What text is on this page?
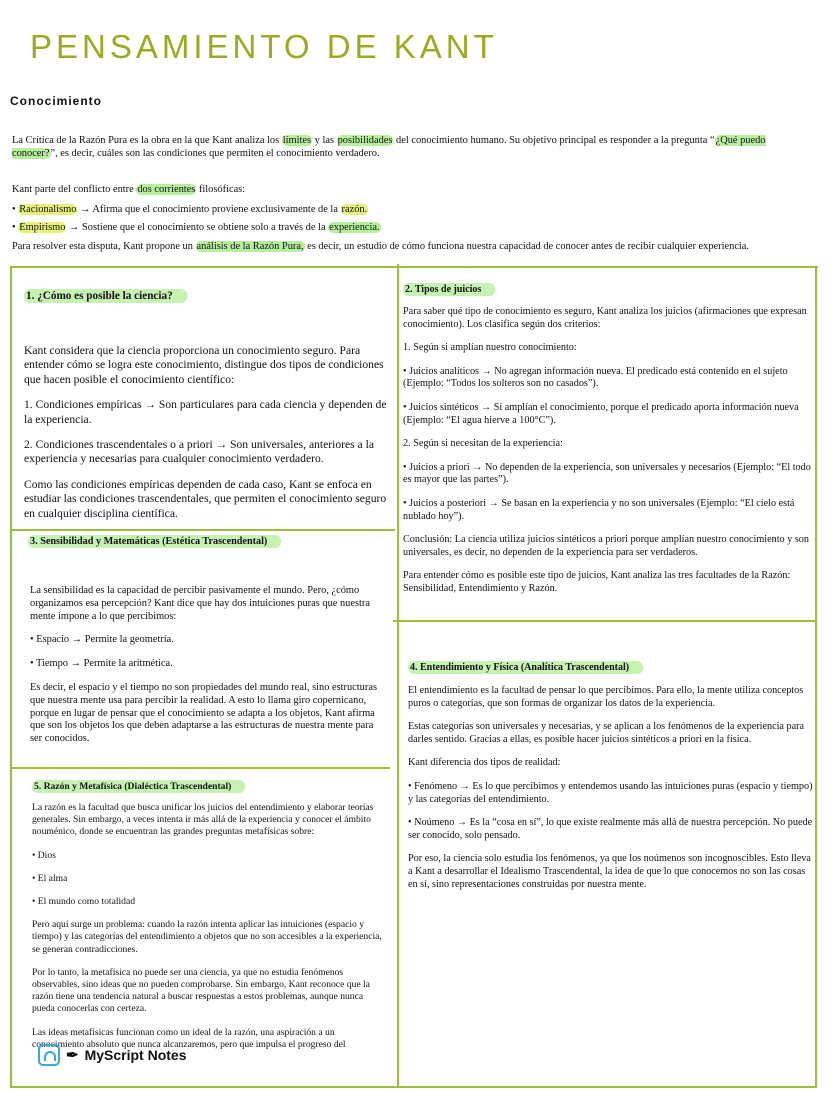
PENSAMIENTO DE KANT
Conocimiento
La Crítica de la Razón Pura es la obra en la que Kant analiza los límites y las posibilidades del conocimiento humano. Su objetivo principal es responder a la pregunta “¿Qué puedo conocer?”, es decir, cuáles son las condiciones que permiten el conocimiento verdadero.
Kant parte del conflicto entre dos corrientes filosóficas:
• Racionalismo → Afirma que el conocimiento proviene exclusivamente de la razón.
• Empirismo → Sostiene que el conocimiento se obtiene solo a través de la experiencia.
Para resolver esta disputa, Kant propone un análisis de la Razón Pura, es decir, un estudio de cómo funciona nuestra capacidad de conocer antes de recibir cualquier experiencia.
1. ¿Cómo es posible la ciencia?

Kant considera que la ciencia proporciona un conocimiento seguro. Para entender cómo se logra este conocimiento, distingue dos tipos de condiciones que hacen posible el conocimiento científico:

1. Condiciones empíricas → Son particulares para cada ciencia y dependen de la experiencia.

2. Condiciones trascendentales o a priori → Son universales, anteriores a la experiencia y necesarias para cualquier conocimiento verdadero.

Como las condiciones empíricas dependen de cada caso, Kant se enfoca en estudiar las condiciones trascendentales, que permiten el conocimiento seguro en cualquier disciplina científica.

2. Tipos de juicios

Para saber qué tipo de conocimiento es seguro, Kant analiza los juicios (afirmaciones que expresan conocimiento). Los clasifica según dos criterios:

1. Según si amplían nuestro conocimiento:

• Juicios analíticos → No agregan información nueva. El predicado está contenido en el sujeto (Ejemplo: “Todos los solteros son no casados”).

• Juicios sintéticos → Sí amplían el conocimiento, porque el predicado aporta información nueva (Ejemplo: “El agua hierve a 100°C”).

2. Según si necesitan de la experiencia:

• Juicios a priori → No dependen de la experiencia, son universales y necesarios (Ejemplo: “El todo es mayor que las partes”).

• Juicios a posteriori → Se basan en la experiencia y no son universales (Ejemplo: “El cielo está nublado hoy”).

Conclusión: La ciencia utiliza juicios sintéticos a priori porque amplían nuestro conocimiento y son universales, es decir, no dependen de la experiencia para ser verdaderos.

Para entender cómo es posible este tipo de juicios, Kant analiza las tres facultades de la Razón: Sensibilidad, Entendimiento y Razón.

3. Sensibilidad y Matemáticas (Estética Trascendental)

La sensibilidad es la capacidad de percibir pasivamente el mundo. Pero, ¿cómo organizamos esa percepción? Kant dice que hay dos intuiciones puras que nuestra mente impone a lo que percibimos:

• Espacio → Permite la geometría.

• Tiempo → Permite la aritmética.

Es decir, el espacio y el tiempo no son propiedades del mundo real, sino estructuras que nuestra mente usa para percibir la realidad. A esto lo llama giro copernicano, porque en lugar de pensar que el conocimiento se adapta a los objetos, Kant afirma que son los objetos los que deben adaptarse a las estructuras de nuestra mente para ser conocidos.

4. Entendimiento y Física (Analítica Trascendental)

El entendimiento es la facultad de pensar lo que percibimos. Para ello, la mente utiliza conceptos puros o categorías, que son formas de organizar los datos de la experiencia.

Estas categorías son universales y necesarias, y se aplican a los fenómenos de la experiencia para darles sentido. Gracias a ellas, es posible hacer juicios sintéticos a priori en la física.

Kant diferencia dos tipos de realidad:

• Fenómeno → Es lo que percibimos y entendemos usando las intuiciones puras (espacio y tiempo) y las categorías del entendimiento.

• Noúmeno → Es la “cosa en sí”, lo que existe realmente más allá de nuestra percepción. No puede ser conocido, solo pensado.

Por eso, la ciencia solo estudia los fenómenos, ya que los noúmenos son incognoscibles. Esto lleva a Kant a desarrollar el Idealismo Trascendental, la idea de que lo que conocemos no son las cosas en sí, sino representaciones construidas por nuestra mente.

5. Razón y Metafísica (Dialéctica Trascendental)

La razón es la facultad que busca unificar los juicios del entendimiento y elaborar teorías generales. Sin embargo, a veces intenta ir más allá de la experiencia y conocer el ámbito nouménico, donde se encuentran las grandes preguntas metafísicas sobre:

• Dios

• El alma

• El mundo como totalidad

Pero aquí surge un problema: cuando la razón intenta aplicar las intuiciones (espacio y tiempo) y las categorías del entendimiento a objetos que no son accesibles a la experiencia, se generan contradicciones.

Por lo tanto, la metafísica no puede ser una ciencia, ya que no estudia fenómenos observables, sino ideas que no pueden comprobarse. Sin embargo, Kant reconoce que la razón tiene una tendencia natural a buscar respuestas a estos problemas, aunque nunca pueda conocerlas con certeza.

Las ideas metafísicas funcionan como un ideal de la razón, una aspiración a un conocimiento absoluto que nunca alcanzaremos, pero que impulsa el progreso del

✒ MyScript Notes
